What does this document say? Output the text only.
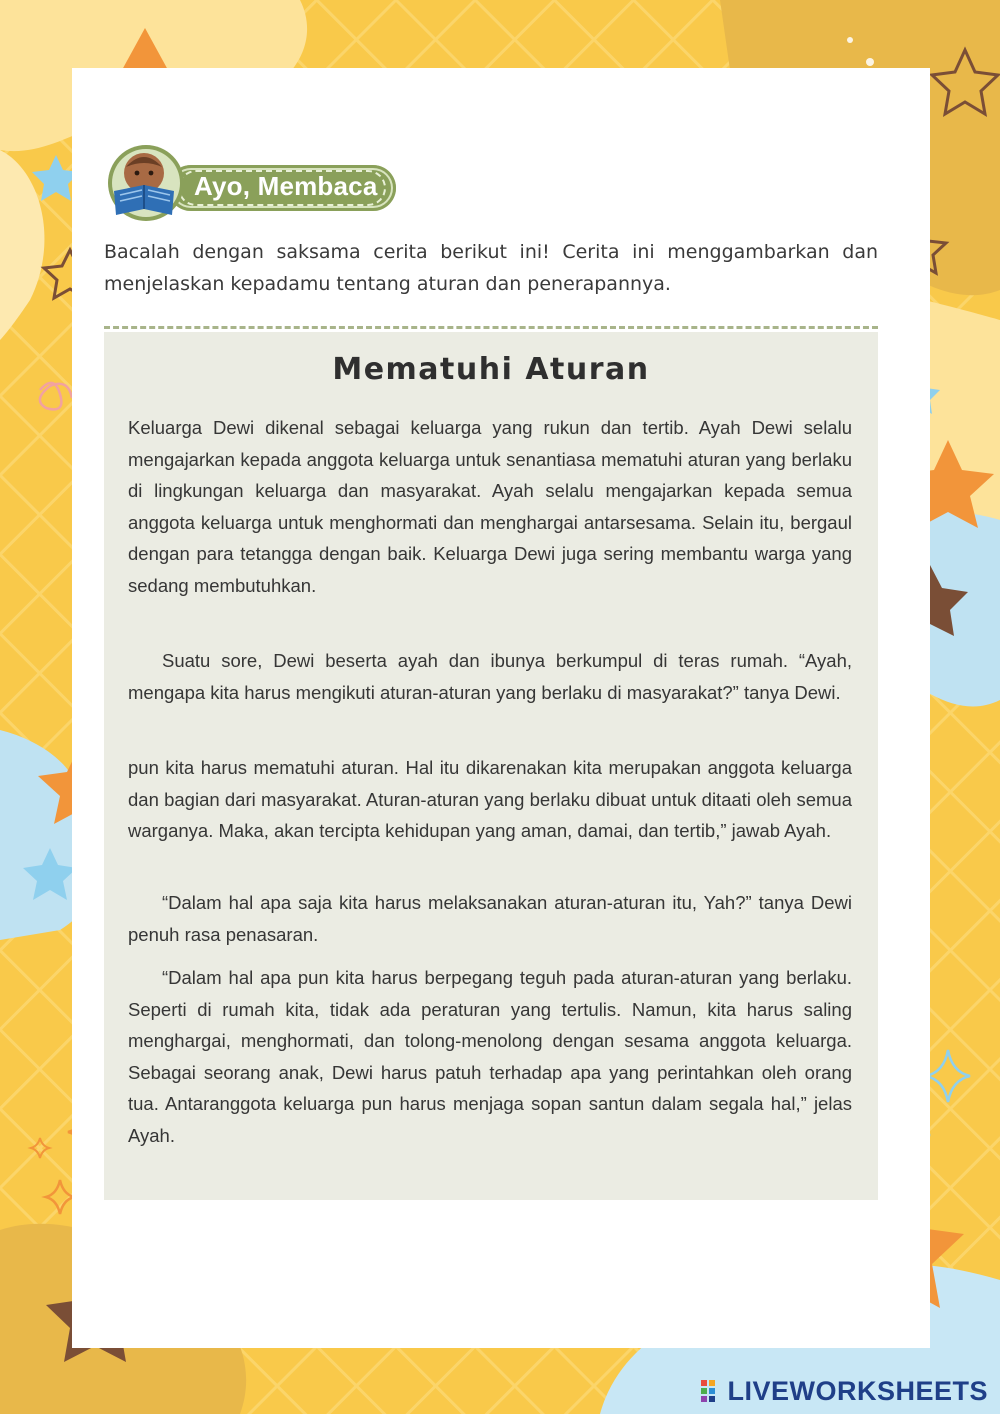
Ayo, Membaca

Bacalah dengan saksama cerita berikut ini! Cerita ini menggambarkan dan menjelaskan kepadamu tentang aturan dan penerapannya.

Mematuhi Aturan

Keluarga Dewi dikenal sebagai keluarga yang rukun dan tertib. Ayah Dewi selalu mengajarkan kepada anggota keluarga untuk senantiasa mematuhi aturan yang berlaku di lingkungan keluarga dan masyarakat. Ayah selalu mengajarkan kepada semua anggota keluarga untuk menghormati dan menghargai antarsesama. Selain itu, bergaul dengan para tetangga dengan baik. Keluarga Dewi juga sering membantu warga yang sedang membutuhkan.

Suatu sore, Dewi beserta ayah dan ibunya berkumpul di teras rumah. “Ayah, mengapa kita harus mengikuti aturan-aturan yang berlaku di masyarakat?” tanya Dewi.

pun kita harus mematuhi aturan. Hal itu dikarenakan kita merupakan anggota keluarga dan bagian dari masyarakat. Aturan-aturan yang berlaku dibuat untuk ditaati oleh semua warganya. Maka, akan tercipta kehidupan yang aman, damai, dan tertib,” jawab Ayah.

“Dalam hal apa saja kita harus melaksanakan aturan-aturan itu, Yah?” tanya Dewi penuh rasa penasaran.

“Dalam hal apa pun kita harus berpegang teguh pada aturan-aturan yang berlaku. Seperti di rumah kita, tidak ada peraturan yang tertulis. Namun, kita harus saling menghargai, menghormati, dan tolong-menolong dengan sesama anggota keluarga. Sebagai seorang anak, Dewi harus patuh terhadap apa yang perintahkan oleh orang tua. Antaranggota keluarga pun harus menjaga sopan santun dalam segala hal,” jelas Ayah.

LIVEWORKSHEETS
